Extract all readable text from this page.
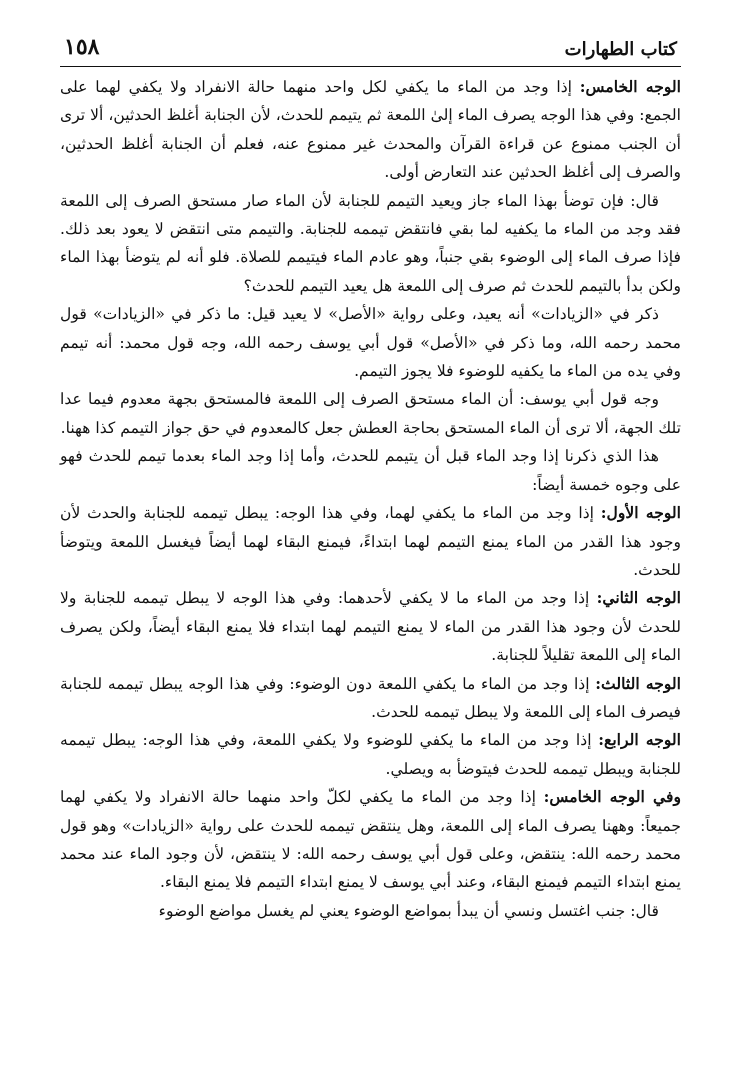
كتاب الطهارات
١٥٨

الوجه الخامس: إذا وجد من الماء ما يكفي لكل واحد منهما حالة الانفراد ولا يكفي لهما على الجمع: وفي هذا الوجه يصرف الماء إلىٰ اللمعة ثم يتيمم للحدث، لأن الجنابة أغلظ الحدثين، ألا ترى أن الجنب ممنوع عن قراءة القرآن والمحدث غير ممنوع عنه، فعلم أن الجنابة أغلظ الحدثين، والصرف إلى أغلظ الحدثين عند التعارض أولى.

قال: فإن توضأ بهذا الماء جاز ويعيد التيمم للجنابة لأن الماء صار مستحق الصرف إلى اللمعة فقد وجد من الماء ما يكفيه لما بقي فانتقض تيممه للجنابة. والتيمم متى انتقض لا يعود بعد ذلك. فإذا صرف الماء إلى الوضوء بقي جنباً، وهو عادم الماء فيتيمم للصلاة. فلو أنه لم يتوضأ بهذا الماء ولكن بدأ بالتيمم للحدث ثم صرف إلى اللمعة هل يعيد التيمم للحدث؟

ذكر في «الزيادات» أنه يعيد، وعلى رواية «الأصل» لا يعيد قيل: ما ذكر في «الزيادات» قول محمد رحمه الله، وما ذكر في «الأصل» قول أبي يوسف رحمه الله، وجه قول محمد: أنه تيمم وفي يده من الماء ما يكفيه للوضوء فلا يجوز التيمم.

وجه قول أبي يوسف: أن الماء مستحق الصرف إلى اللمعة فالمستحق بجهة معدوم فيما عدا تلك الجهة، ألا ترى أن الماء المستحق بحاجة العطش جعل كالمعدوم في حق جواز التيمم كذا ههنا.

هذا الذي ذكرنا إذا وجد الماء قبل أن يتيمم للحدث، وأما إذا وجد الماء بعدما تيمم للحدث فهو على وجوه خمسة أيضاً:

الوجه الأول: إذا وجد من الماء ما يكفي لهما، وفي هذا الوجه: يبطل تيممه للجنابة والحدث لأن وجود هذا القدر من الماء يمنع التيمم لهما ابتداءً، فيمنع البقاء لهما أيضاً فيغسل اللمعة ويتوضأ للحدث.

الوجه الثاني: إذا وجد من الماء ما لا يكفي لأحدهما: وفي هذا الوجه لا يبطل تيممه للجنابة ولا للحدث لأن وجود هذا القدر من الماء لا يمنع التيمم لهما ابتداء فلا يمنع البقاء أيضاً، ولكن يصرف الماء إلى اللمعة تقليلاً للجنابة.

الوجه الثالث: إذا وجد من الماء ما يكفي اللمعة دون الوضوء: وفي هذا الوجه يبطل تيممه للجنابة فيصرف الماء إلى اللمعة ولا يبطل تيممه للحدث.

الوجه الرابع: إذا وجد من الماء ما يكفي للوضوء ولا يكفي اللمعة، وفي هذا الوجه: يبطل تيممه للجنابة ويبطل تيممه للحدث فيتوضأ به ويصلي.

وفي الوجه الخامس: إذا وجد من الماء ما يكفي لكلّ واحد منهما حالة الانفراد ولا يكفي لهما جميعاً: وههنا يصرف الماء إلى اللمعة، وهل ينتقض تيممه للحدث على رواية «الزيادات» وهو قول محمد رحمه الله: ينتقض، وعلى قول أبي يوسف رحمه الله: لا ينتقض، لأن وجود الماء عند محمد يمنع ابتداء التيمم فيمنع البقاء، وعند أبي يوسف لا يمنع ابتداء التيمم فلا يمنع البقاء.

قال: جنب اغتسل ونسي أن يبدأ بمواضع الوضوء يعني لم يغسل مواضع الوضوء
